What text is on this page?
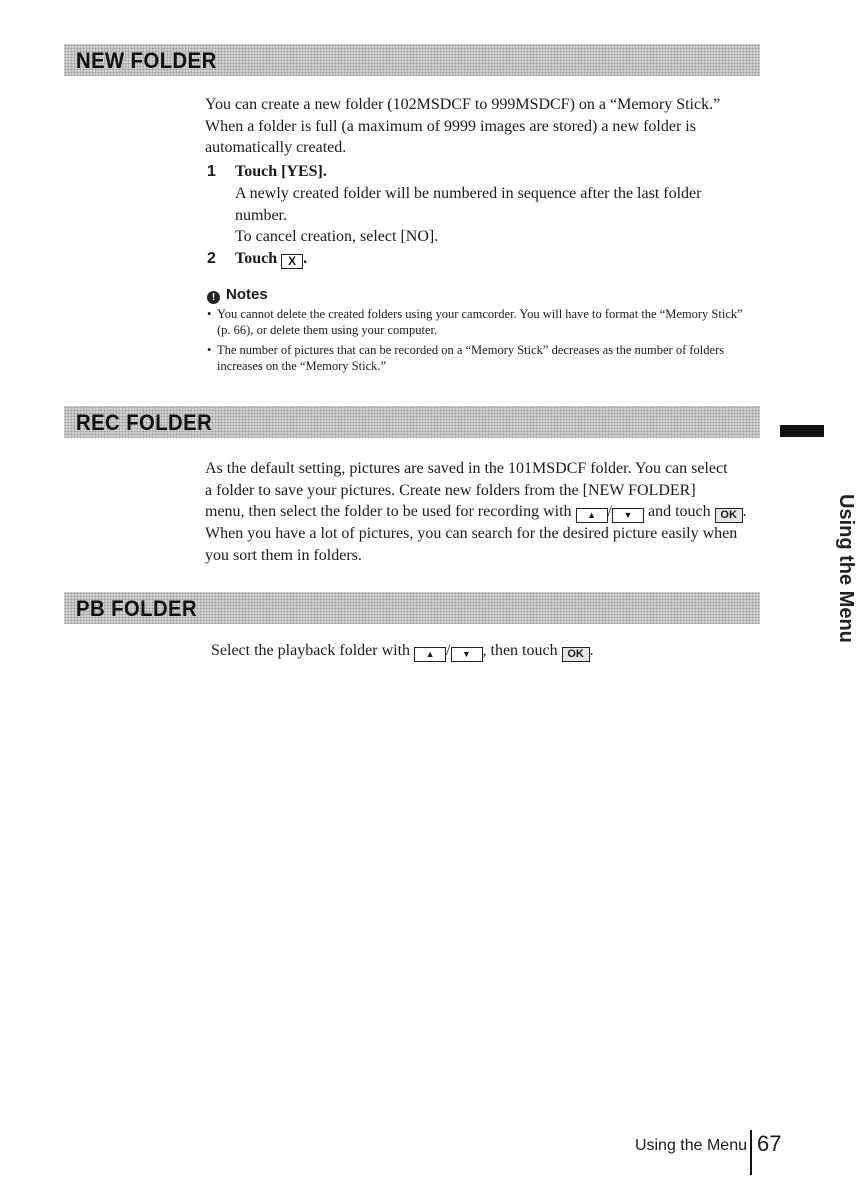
NEW FOLDER
You can create a new folder (102MSDCF to 999MSDCF) on a “Memory Stick.”
When a folder is full (a maximum of 9999 images are stored) a new folder is
automatically created.
1 Touch [YES].
A newly created folder will be numbered in sequence after the last folder
number.
To cancel creation, select [NO].
2 Touch X .
! Notes
• You cannot delete the created folders using your camcorder. You will have to format the “Memory Stick” (p. 66), or delete them using your computer.
• The number of pictures that can be recorded on a “Memory Stick” decreases as the number of folders increases on the “Memory Stick.”
REC FOLDER
As the default setting, pictures are saved in the 101MSDCF folder. You can select
a folder to save your pictures. Create new folders from the [NEW FOLDER]
menu, then select the folder to be used for recording with ▲ / ▼ and touch OK .
When you have a lot of pictures, you can search for the desired picture easily when
you sort them in folders.
PB FOLDER
Select the playback folder with ▲ / ▼ , then touch OK .
Using the Menu
Using the Menu 67
